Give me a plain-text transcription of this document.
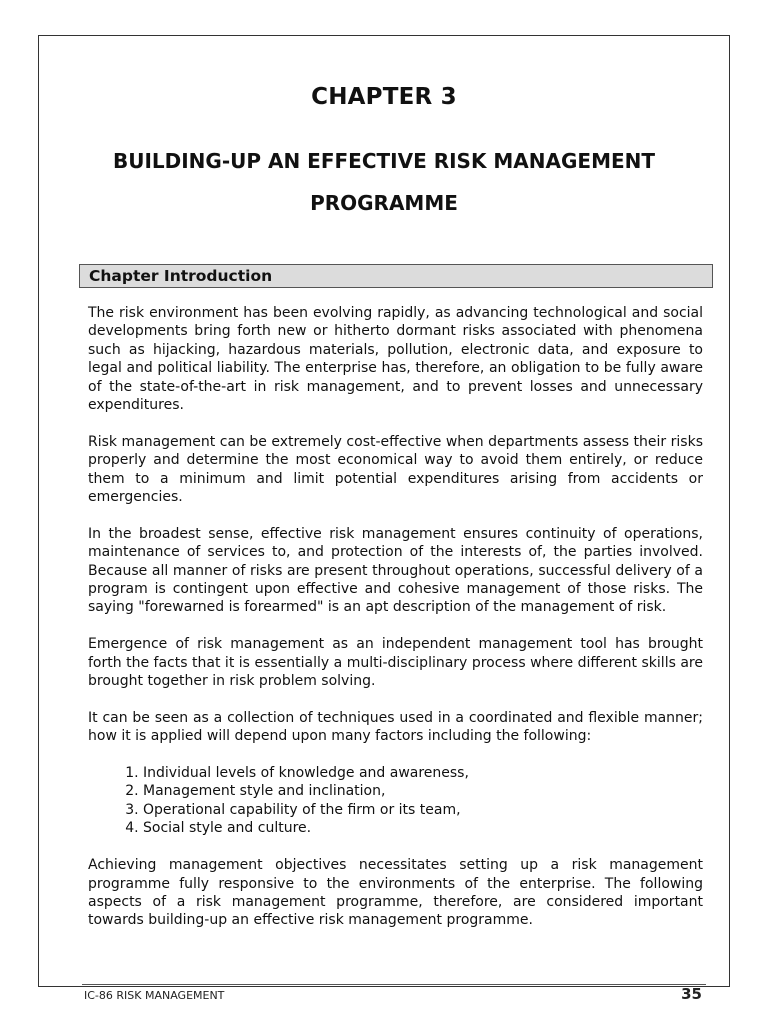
CHAPTER 3
BUILDING-UP AN EFFECTIVE RISK MANAGEMENT
PROGRAMME
Chapter Introduction

The risk environment has been evolving rapidly, as advancing technological and social developments bring forth new or hitherto dormant risks associated with phenomena such as hijacking, hazardous materials, pollution, electronic data, and exposure to legal and political liability. The enterprise has, therefore, an obligation to be fully aware of the state-of-the-art in risk management, and to prevent losses and unnecessary expenditures.

Risk management can be extremely cost-effective when departments assess their risks properly and determine the most economical way to avoid them entirely, or reduce them to a minimum and limit potential expenditures arising from accidents or emergencies.

In the broadest sense, effective risk management ensures continuity of operations, maintenance of services to, and protection of the interests of, the parties involved. Because all manner of risks are present throughout operations, successful delivery of a program is contingent upon effective and cohesive management of those risks. The saying "forewarned is forearmed" is an apt description of the management of risk.

Emergence of risk management as an independent management tool has brought forth the facts that it is essentially a multi-disciplinary process where different skills are brought together in risk problem solving.

It can be seen as a collection of techniques used in a coordinated and flexible manner; how it is applied will depend upon many factors including the following:

1. Individual levels of knowledge and awareness,
2. Management style and inclination,
3. Operational capability of the firm or its team,
4. Social style and culture.

Achieving management objectives necessitates setting up a risk management programme fully responsive to the environments of the enterprise. The following aspects of a risk management programme, therefore, are considered important towards building-up an effective risk management programme.

IC-86 RISK MANAGEMENT	35
